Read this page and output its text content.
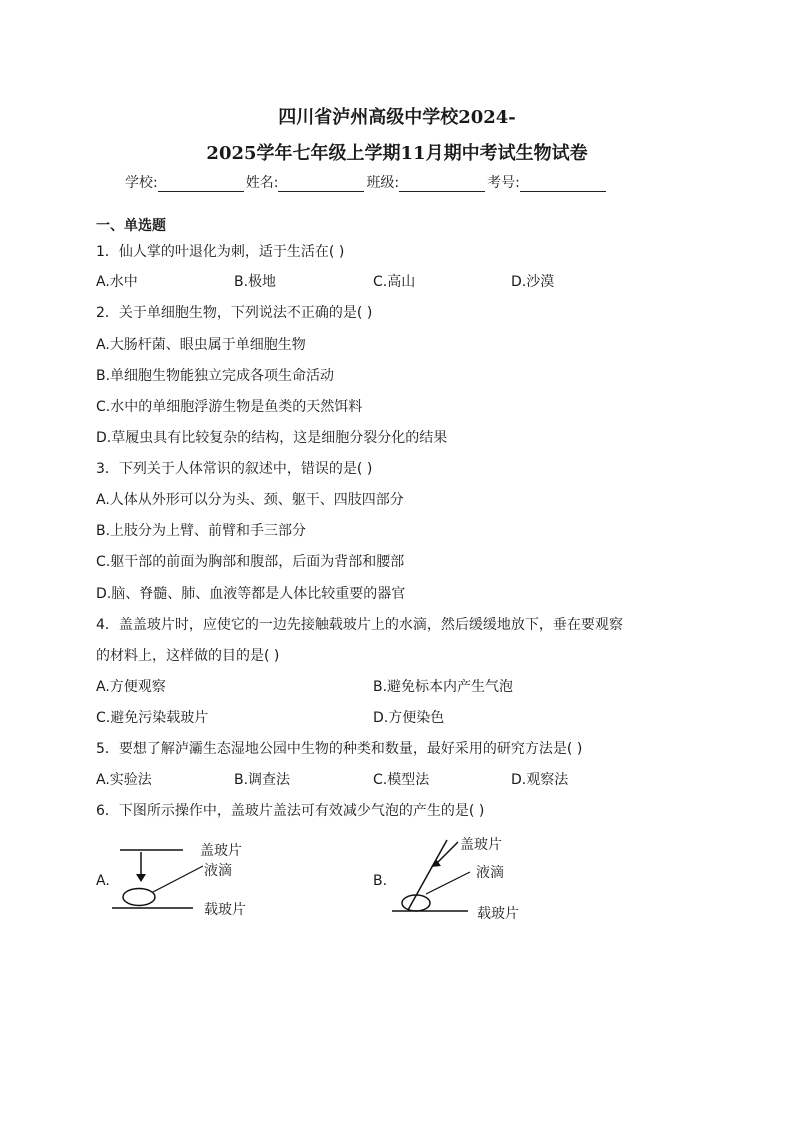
四川省泸州高级中学校2024-
2025学年七年级上学期11月期中考试生物试卷
学校:	姓名:	班级:	考号:
一、单选题
1．仙人掌的叶退化为刺，适于生活在( )
A.水中	B.极地	C.高山	D.沙漠
2．关于单细胞生物，下列说法不正确的是( )
A.大肠杆菌、眼虫属于单细胞生物
B.单细胞生物能独立完成各项生命活动
C.水中的单细胞浮游生物是鱼类的天然饵料
D.草履虫具有比较复杂的结构，这是细胞分裂分化的结果
3．下列关于人体常识的叙述中，错误的是( )
A.人体从外形可以分为头、颈、躯干、四肢四部分
B.上肢分为上臂、前臂和手三部分
C.躯干部的前面为胸部和腹部，后面为背部和腰部
D.脑、脊髓、肺、血液等都是人体比较重要的器官
4．盖盖玻片时，应使它的一边先接触载玻片上的水滴，然后缓缓地放下，垂在要观察
的材料上，这样做的目的是( )
A.方便观察	B.避免标本内产生气泡
C.避免污染载玻片	D.方便染色
5．要想了解泸灞生态湿地公园中生物的种类和数量，最好采用的研究方法是( )
A.实验法	B.调查法	C.模型法	D.观察法
6．下图所示操作中，盖玻片盖法可有效减少气泡的产生的是( )
A.
盖玻片
液滴
载玻片
B.
盖玻片
液滴
载玻片
